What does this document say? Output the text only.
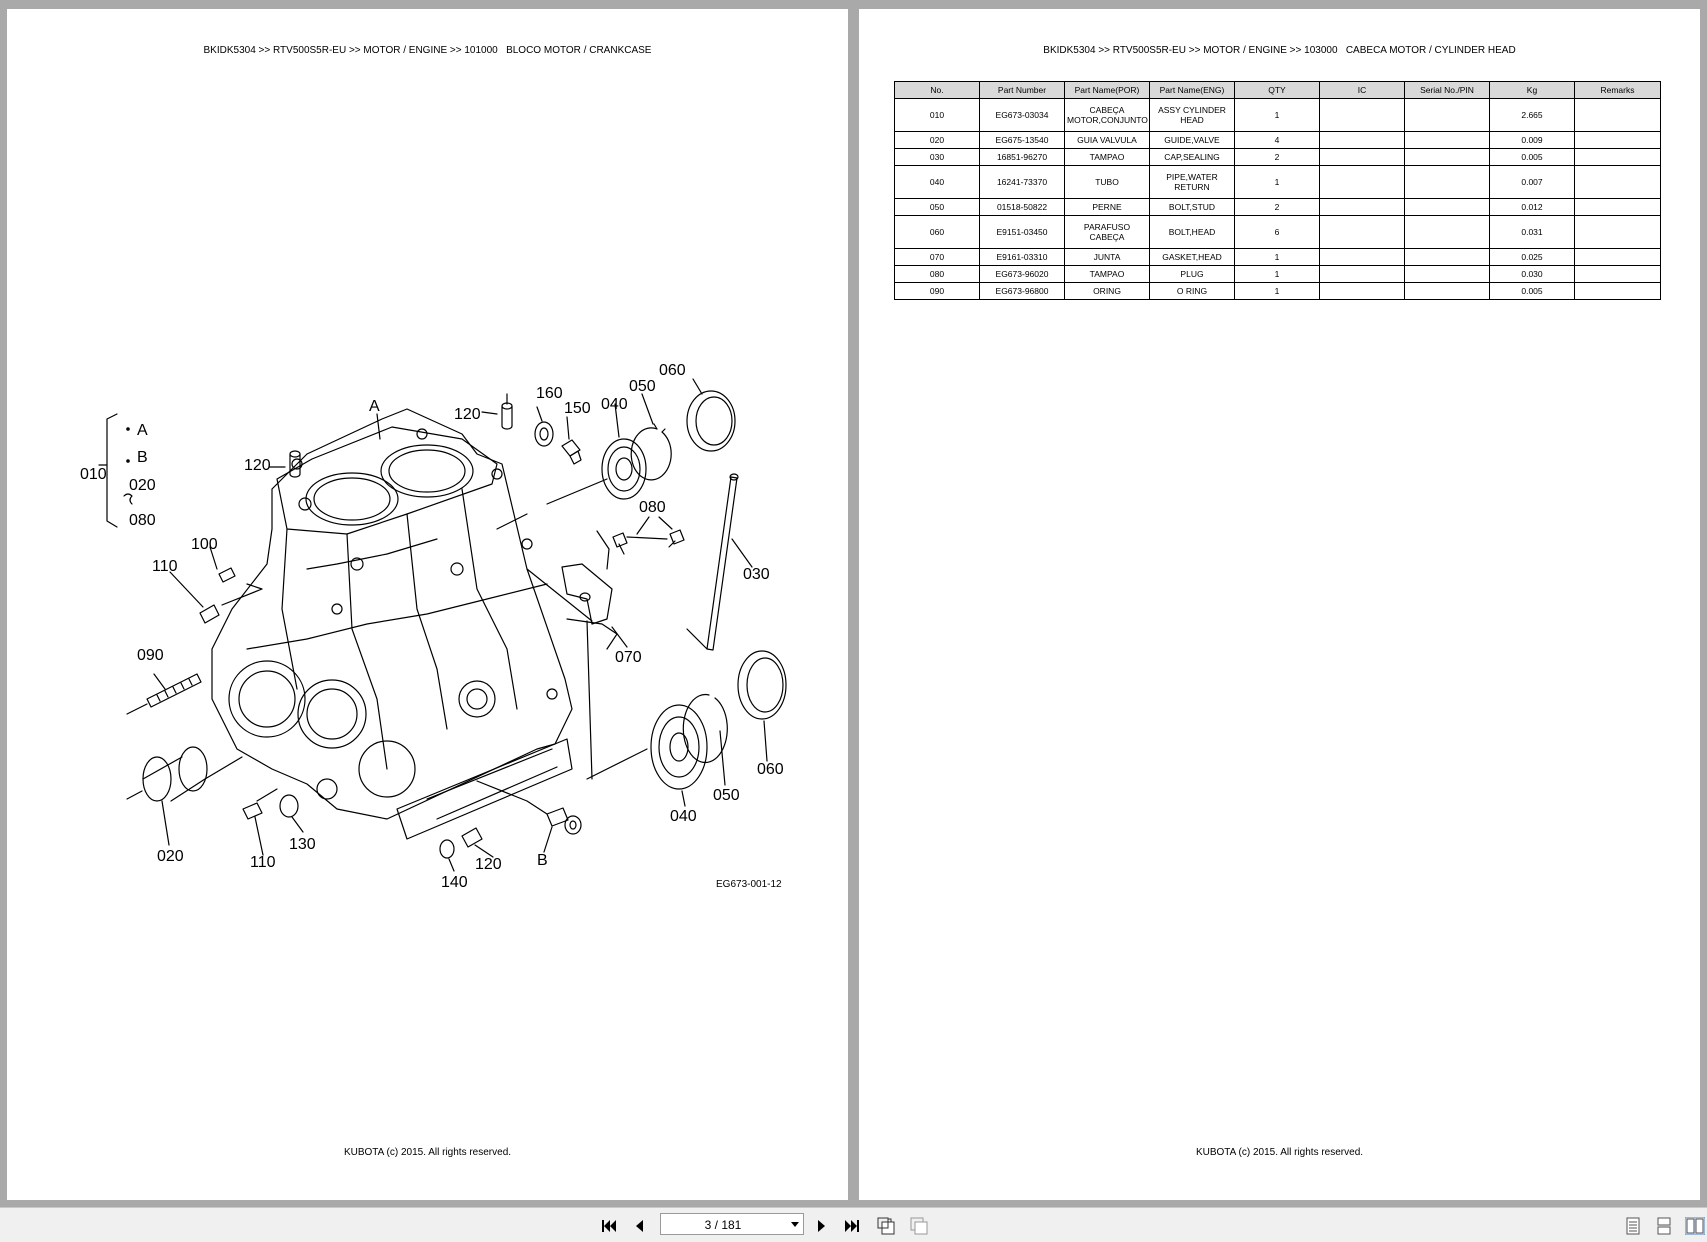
BKIDK5304 >> RTV500S5R-EU >> MOTOR / ENGINE >> 101000   BLOCO MOTOR / CRANKCASE
010
A
B
020
080
120
100
110
090
020	110
130
140
120 B
A	120
160
150 040
050
060
080
030
070
060
050
040
EG673-001-12
KUBOTA (c) 2015. All rights reserved.
BKIDK5304 >> RTV500S5R-EU >> MOTOR / ENGINE >> 103000   CABECA MOTOR / CYLINDER HEAD
No.	Part Number	Part Name(POR)	Part Name(ENG)	QTY	IC	Serial No./PIN	Kg	Remarks
010	EG673-03034	CABEÇA MOTOR,CONJUNTO	ASSY CYLINDER HEAD	1			2.665	
020	EG675-13540	GUIA VALVULA	GUIDE,VALVE	4			0.009	
030	16851-96270	TAMPAO	CAP,SEALING	2			0.005	
040	16241-73370	TUBO	PIPE,WATER RETURN	1			0.007	
050	01518-50822	PERNE	BOLT,STUD	2			0.012	
060	E9151-03450	PARAFUSO CABEÇA	BOLT,HEAD	6			0.031	
070	E9161-03310	JUNTA	GASKET,HEAD	1			0.025	
080	EG673-96020	TAMPAO	PLUG	1			0.030	
090	EG673-96800	ORING	O RING	1			0.005	
KUBOTA (c) 2015. All rights reserved.
3 / 181
